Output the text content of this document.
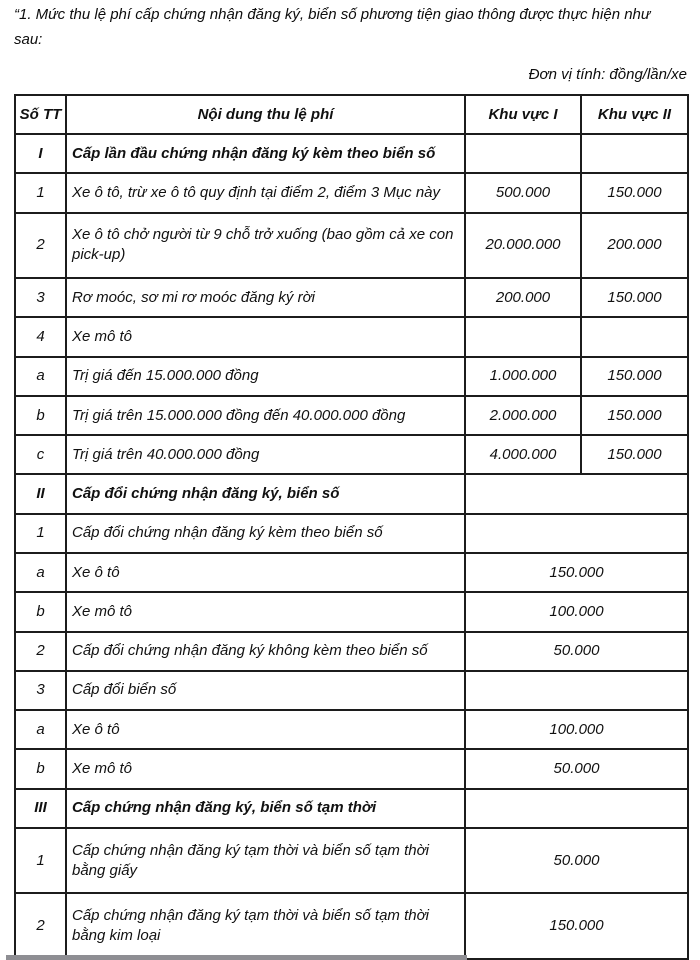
“1. Mức thu lệ phí cấp chứng nhận đăng ký, biển số phương tiện giao thông được thực hiện như sau:

Đơn vị tính: đồng/lần/xe

Số TT	Nội dung thu lệ phí	Khu vực I	Khu vực II
I	Cấp lần đầu chứng nhận đăng ký kèm theo biển số		
1	Xe ô tô, trừ xe ô tô quy định tại điểm 2, điểm 3 Mục này	500.000	150.000
2	Xe ô tô chở người từ 9 chỗ trở xuống (bao gồm cả xe con pick-up)	20.000.000	200.000
3	Rơ moóc, sơ mi rơ moóc đăng ký rời	200.000	150.000
4	Xe mô tô		
a	Trị giá đến 15.000.000 đồng	1.000.000	150.000
b	Trị giá trên 15.000.000 đồng đến 40.000.000 đồng	2.000.000	150.000
c	Trị giá trên 40.000.000 đồng	4.000.000	150.000
II	Cấp đổi chứng nhận đăng ký, biển số		
1	Cấp đổi chứng nhận đăng ký kèm theo biển số		
a	Xe ô tô	150.000	
b	Xe mô tô	100.000	
2	Cấp đổi chứng nhận đăng ký không kèm theo biển số	50.000	
3	Cấp đổi biển số		
a	Xe ô tô	100.000	
b	Xe mô tô	50.000	
III	Cấp chứng nhận đăng ký, biển số tạm thời		
1	Cấp chứng nhận đăng ký tạm thời và biển số tạm thời bằng giấy	50.000	
2	Cấp chứng nhận đăng ký tạm thời và biển số tạm thời bằng kim loại	150.000	
